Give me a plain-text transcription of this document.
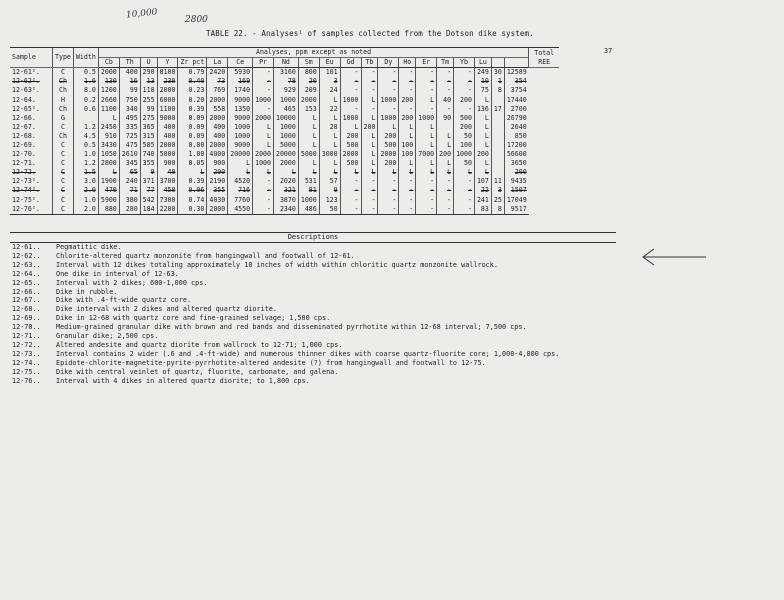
10,000	2800
TABLE 22. - Analyses¹ of samples collected from the Dotson dike system.
37
Sample	Type	Width	Analyses, ppm except as noted																					Total
REE
			Cb	Th	U	Y	Zr pct	La	Ce	Pr	Nd	Sm	Eu	Gd	Tb	Dy	Ho	Er	Tm	Yb	Lu			
12-61².	C	0.5	2000	400	290	8100	0.79	2420	5930	-	3160	800	101	-	-	-	-	-	-	-	249	30	12589	
12-62².	Ch	1.6	130	16	13	230	0.40	73	169	-	78	20	3	-	-	-	-	-	-	-	10	1	354	
12-63².	Ch	8.0	1200	99	118	2000	0.23	769	1740	-	929	209	24	-	-	-	-	-	-	-	75	8	3754	
12-64.	H	0.2	2660	750	255	6000	0.20	2000	9000	1000	1000	2000	L	1000	L	1000	200	L	40	200	L		17440	
12-65².	Ch	0.6	1100	340	99	1100	0.39	558	1350	-	465	153	22	-	-	-	-	-	-	-	136	17	2700	
12-66.	G		L	495	275	9000	0.09	2000	9000	2000	10000	L	L	1000	L	1000	200	1000	90	500	L		26790	
12-67.	C	1.2	2450	335	365	400	0.09	400	1000	L	1000	L	20	L	200	L	L	L		200	L		2640	
12-68.	Ch	4.5	910	725	315	400	0.09	400	1000	L	1000	L	L	200	L	200	L	L	L	50	L		850	
12-69.	C	0.5	3430	475	585	2000	0.80	2000	9000	L	5000	L	L	500	L	500	100	L	L	100	L		17200	
12-70.	C	1.0	1050	2610	740	5000	1.00	4000	20000	2000	20000	5000	3000	2000	L	2000	100	7000	200	1000	200		56600	
12-71.	C	1.2	2800	345	355	900	0.05	900	L	1000	2000	L	L	500	L	200	L	L	L	50	L		3650	
12-72.	C	1.5	L	65	9	40	L	200	L	L	L	L	L	L	L	L	L	L	L	L	L		200	
12-73².	C	3.0	1900	240	371	3700	0.39	2190	4520	-	2020	531	57	-	-	-	-	-	-	-	107	11	9435	
12-74².	C	2.0	470	71	77	450	0.06	355	716	-	321	81	9	-	-	-	-	-	-	-	22	3	1507	
12-75².	C	1.0	5900	380	542	7300	0.74	4030	7760	-	3870	1000	123	-	-	-	-	-	-	-	241	25	17049	
12-76².	C	2.0	880	280	184	2200	0.30	2000	4550	-	2340	486	50	-	-	-	-	-	-	-	83	8	9517	
Descriptions
12-61..	Pegmatitic dike.
12-62..	Chlorite-altered quartz monzonite from hangingwall and footwall of 12-61.
12-63..	Interval with 12 dikes totaling approximately 10 inches of width within chloritic quartz monzonite wallrock.
12-64..	One dike in interval of 12-63.
12-65..	Interval with 2 dikes; 600-1,000 cps.
12-66..	Dike in rubble.
12-67..	Dike with .4-ft-wide quartz core.
12-68..	Dike interval with 2 dikes and altered quartz diorite.
12-69..	Dike in 12-68 with quartz core and fine-grained selvage; 1,500 cps.
12-70..	Medium-grained granular dike with brown and red bands and disseminated pyrrhotite within 12-68 interval; 7,500 cps.
12-71..	Granular dike; 2,500 cps.
12-72..	Altered andesite and quartz diorite from wallrock to 12-71; 1,000 cps.
12-73..	Interval contains 2 wider (.6 and .4-ft-wide) and numerous thinner dikes with coarse quartz-fluorite core; 1,000-4,800 cps.
12-74..	Epidote-chlorite-magnetite-pyrite-pyrrhotite-altered andesite (?) from hangingwall and footwall to 12-75.
12-75..	Dike with central veinlet of quartz, fluorite, carbonate, and galena.
12-76..	Interval with 4 dikes in altered quartz diorite; to 1,800 cps.
